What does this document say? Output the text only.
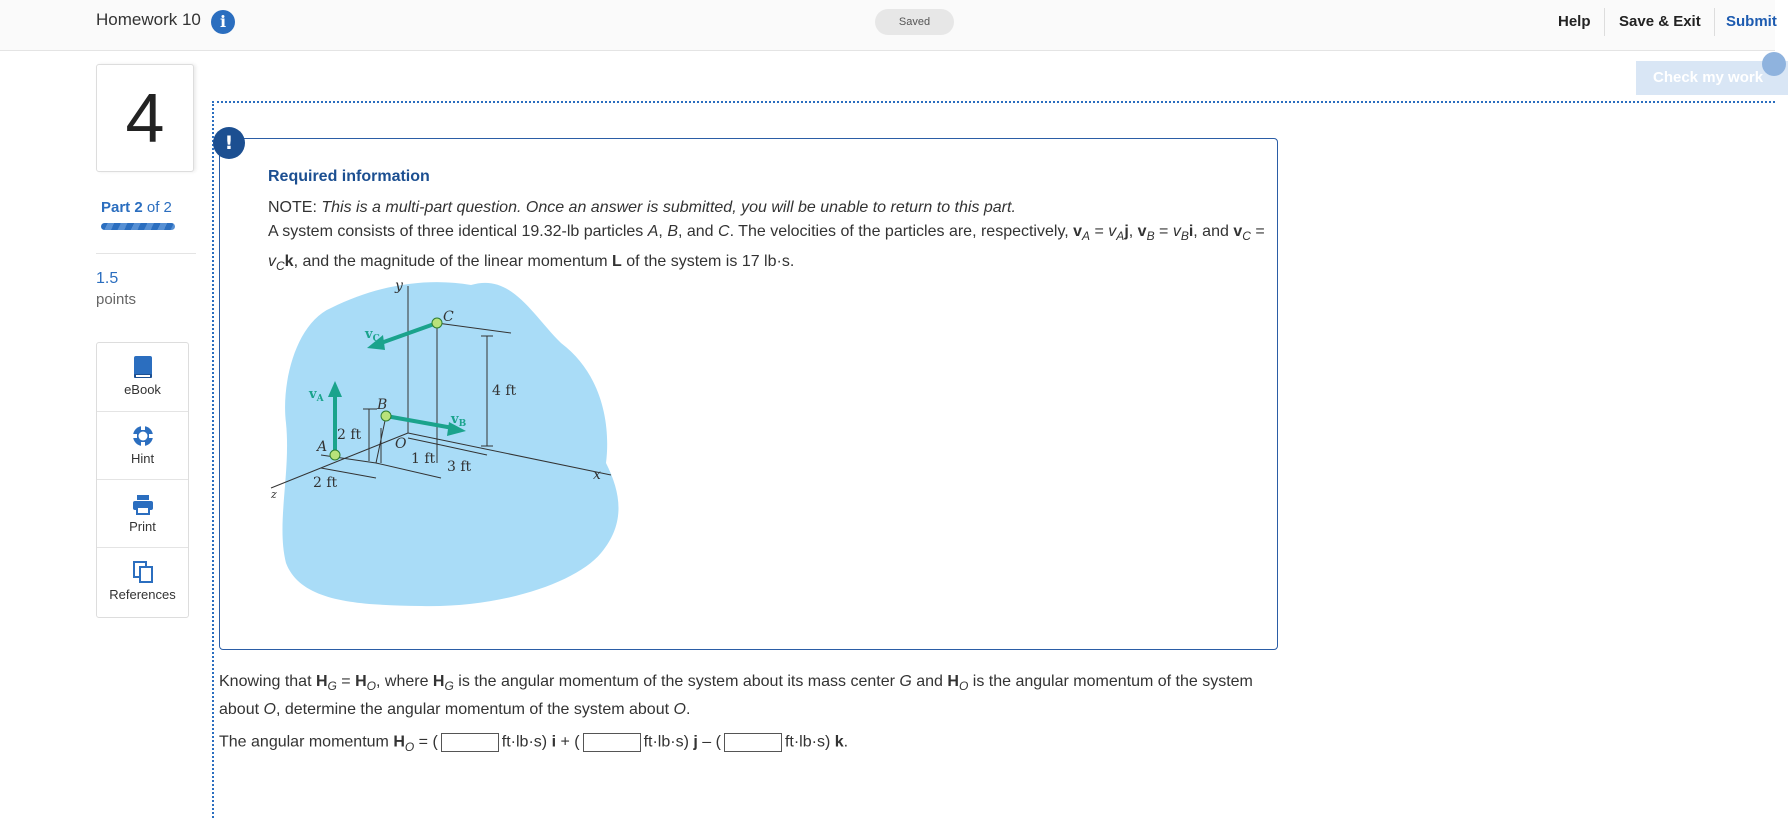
Homework 10	i	Saved	Help Save & Exit Submit
Check my work
4
Part 2 of 2
1.5
points
eBook
Hint
Print
References
!
Required information
NOTE: This is a multi-part question. Once an answer is submitted, you will be unable to return to this part.
A system consists of three identical 19.32-lb particles A, B, and C. The velocities of the particles are, respectively, $v_A = v_Aj$, $v_B = v_Bi$, and $v_C = v_Ck$, and the magnitude of the linear momentum L of the system is 17 lb·s.
y
x
z
A
B
C
O
4 ft
2 ft
1 ft 3 ft
2 ft
$v_A$
$v_B$
$v_C$
Knowing that $H_G = H_O$, where $H_G$ is the angular momentum of the system about its mass center G and $H_O$ is the angular momentum of the system about O, determine the angular momentum of the system about O.
The angular momentum $H_O$ = (	ft·lb·s) i + (	ft·lb·s) j – (	ft·lb·s) k.
